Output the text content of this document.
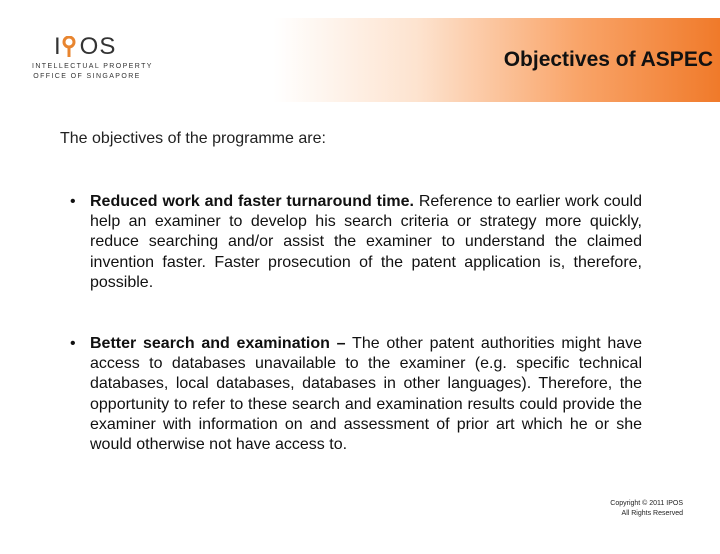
I OS
INTELLECTUAL PROPERTY
OFFICE OF SINGAPORE
Objectives of ASPEC
The objectives of the programme are:
• Reduced work and faster turnaround time. Reference to earlier work could help an examiner to develop his search criteria or strategy more quickly, reduce searching and/or assist the examiner to understand the claimed invention faster. Faster prosecution of the patent application is, therefore, possible.
• Better search and examination – The other patent authorities might have access to databases unavailable to the examiner (e.g. specific technical databases, local databases, databases in other languages). Therefore, the opportunity to refer to these search and examination results could provide the examiner with information on and assessment of prior art which he or she would otherwise not have access to.
Copyright © 2011 IPOS
All Rights Reserved
